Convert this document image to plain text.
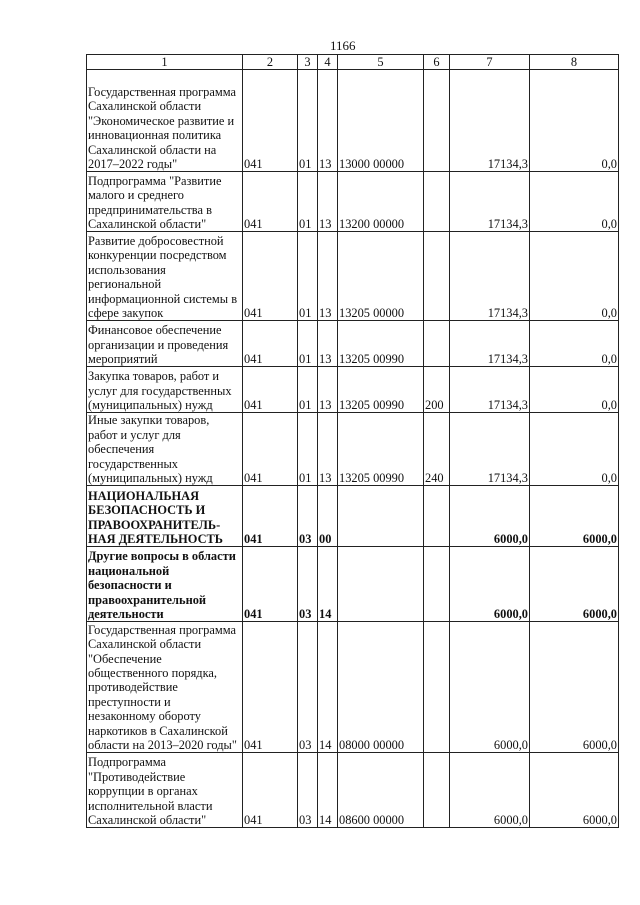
1166
1	2	3	4	5	6	7	8
Государственная программа Сахалинской области "Экономическое развитие и инновационная политика Сахалинской области на 2017–2022 годы"	041	01	13	13000 00000		17134,3	0,0
Подпрограмма "Развитие малого и среднего предпринимательства в Сахалинской области"	041	01	13	13200 00000		17134,3	0,0
Развитие добросовестной конкуренции посредством использования региональной информационной системы в сфере закупок	041	01	13	13205 00000		17134,3	0,0
Финансовое обеспечение организации и проведения мероприятий	041	01	13	13205 00990		17134,3	0,0
Закупка товаров, работ и услуг для государственных (муниципальных) нужд	041	01	13	13205 00990	200	17134,3	0,0
Иные закупки товаров, работ и услуг для обеспечения государственных (муниципальных) нужд	041	01	13	13205 00990	240	17134,3	0,0
НАЦИОНАЛЬНАЯ БЕЗОПАСНОСТЬ И ПРАВООХРАНИТЕЛЬ-НАЯ ДЕЯТЕЛЬНОСТЬ	041	03	00			6000,0	6000,0
Другие вопросы в области национальной безопасности и правоохранительной деятельности	041	03	14			6000,0	6000,0
Государственная программа Сахалинской области "Обеспечение общественного порядка, противодействие преступности и незаконному обороту наркотиков в Сахалинской области на 2013–2020 годы"	041	03	14	08000 00000		6000,0	6000,0
Подпрограмма "Противодействие коррупции в органах исполнительной власти Сахалинской области"	041	03	14	08600 00000		6000,0	6000,0
